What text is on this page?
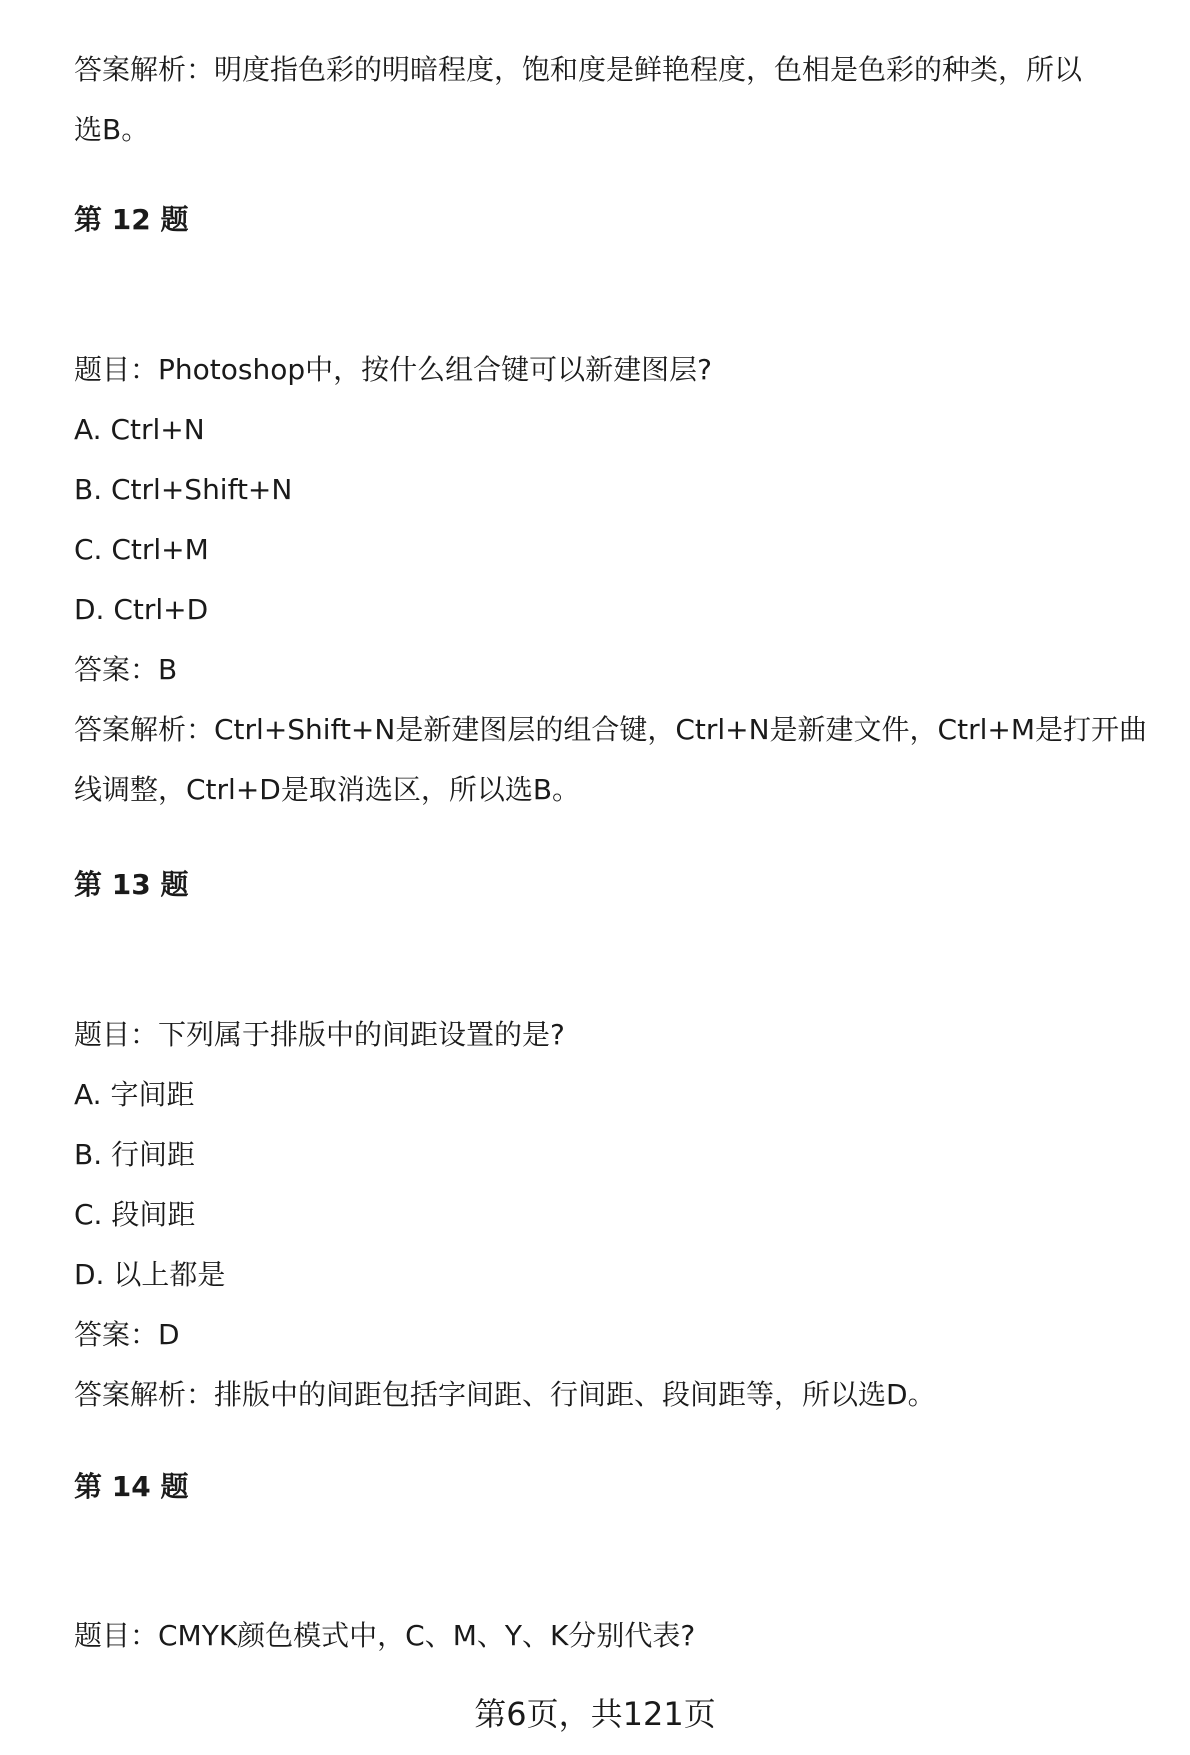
答案解析：明度指色彩的明暗程度，饱和度是鲜艳程度，色相是色彩的种类，所以
选B。
第 12 题
题目：Photoshop中，按什么组合键可以新建图层?
A. Ctrl+N
B. Ctrl+Shift+N
C. Ctrl+M
D. Ctrl+D
答案：B
答案解析：Ctrl+Shift+N是新建图层的组合键，Ctrl+N是新建文件，Ctrl+M是打开曲
线调整，Ctrl+D是取消选区，所以选B。
第 13 题
题目：下列属于排版中的间距设置的是?
A. 字间距
B. 行间距
C. 段间距
D. 以上都是
答案：D
答案解析：排版中的间距包括字间距、行间距、段间距等，所以选D。
第 14 题
题目：CMYK颜色模式中，C、M、Y、K分别代表?
第6页，共121页
